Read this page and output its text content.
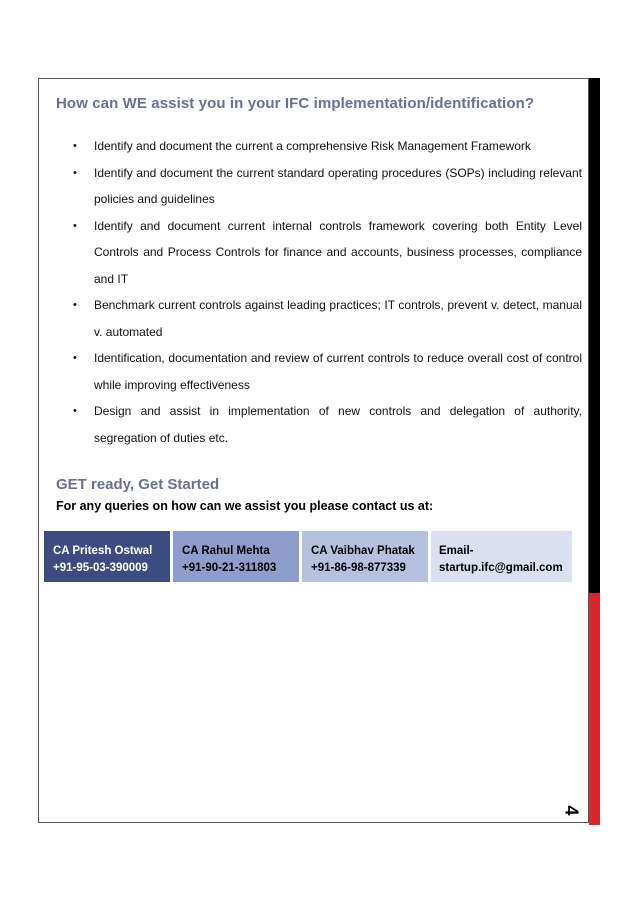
How can WE assist you in your IFC implementation/identification?
• Identify and document the current a comprehensive Risk Management Framework
• Identify and document the current standard operating procedures (SOPs) including relevant policies and guidelines
• Identify and document current internal controls framework covering both Entity Level Controls and Process Controls for finance and accounts, business processes, compliance and IT
• Benchmark current controls against leading practices; IT controls, prevent v. detect, manual v. automated
• Identification, documentation and review of current controls to reduce overall cost of control while improving effectiveness
• Design and assist in implementation of new controls and delegation of authority, segregation of duties etc.
GET ready, Get Started

For any queries on how can we assist you please contact us at:

CA Pritesh Ostwal
+91-95-03-390009
CA Rahul Mehta
+91-90-21-311803
CA Vaibhav Phatak
+91-86-98-877339
Email-
startup.ifc@gmail.com
4
